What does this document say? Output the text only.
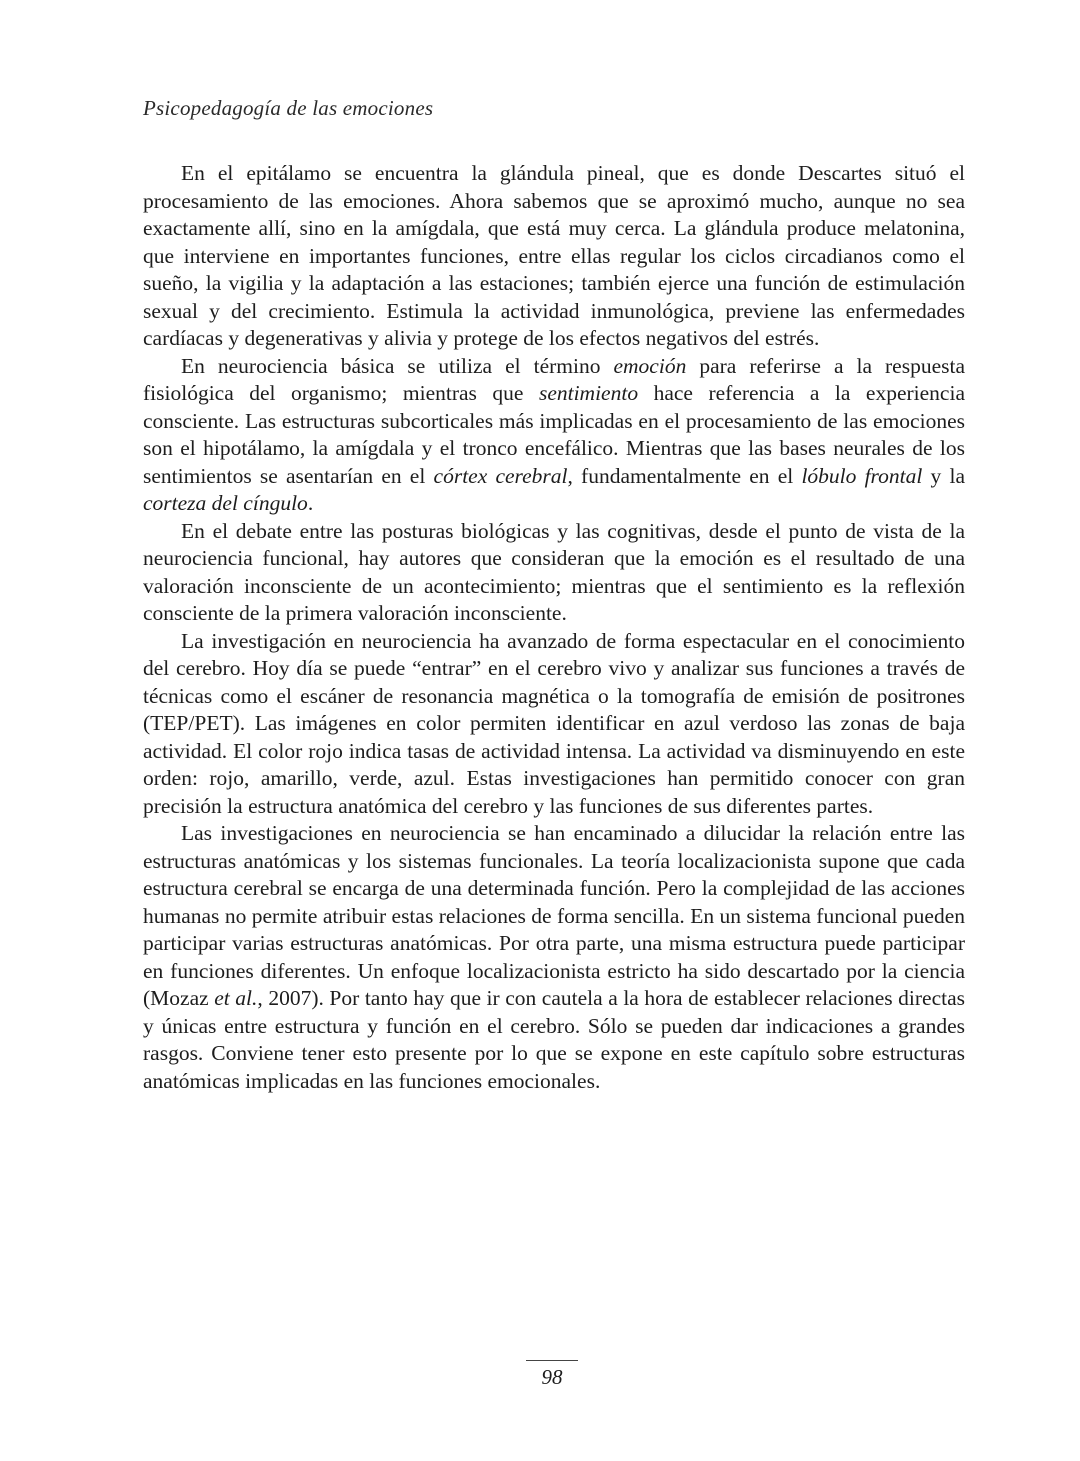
Psicopedagogía de las emociones

En el epitálamo se encuentra la glándula pineal, que es donde Descartes situó el procesamiento de las emociones. Ahora sabemos que se aproximó mucho, aunque no sea exactamente allí, sino en la amígdala, que está muy cerca. La glándula produce melatonina, que interviene en importantes funciones, entre ellas regular los ciclos circadianos como el sueño, la vigilia y la adaptación a las estaciones; también ejerce una función de estimulación sexual y del crecimiento. Estimula la actividad inmunológica, previene las enfermedades cardíacas y degenerativas y alivia y protege de los efectos negativos del estrés.

En neurociencia básica se utiliza el término emoción para referirse a la respuesta fisiológica del organismo; mientras que sentimiento hace referencia a la experiencia consciente. Las estructuras subcorticales más implicadas en el procesamiento de las emociones son el hipotálamo, la amígdala y el tronco encefálico. Mientras que las bases neurales de los sentimientos se asentarían en el córtex cerebral, fundamentalmente en el lóbulo frontal y la corteza del cíngulo.

En el debate entre las posturas biológicas y las cognitivas, desde el punto de vista de la neurociencia funcional, hay autores que consideran que la emoción es el resultado de una valoración inconsciente de un acontecimiento; mientras que el sentimiento es la reflexión consciente de la primera valoración inconsciente.

La investigación en neurociencia ha avanzado de forma espectacular en el conocimiento del cerebro. Hoy día se puede “entrar” en el cerebro vivo y analizar sus funciones a través de técnicas como el escáner de resonancia magnética o la tomografía de emisión de positrones (TEP/PET). Las imágenes en color permiten identificar en azul verdoso las zonas de baja actividad. El color rojo indica tasas de actividad intensa. La actividad va disminuyendo en este orden: rojo, amarillo, verde, azul. Estas investigaciones han permitido conocer con gran precisión la estructura anatómica del cerebro y las funciones de sus diferentes partes.

Las investigaciones en neurociencia se han encaminado a dilucidar la relación entre las estructuras anatómicas y los sistemas funcionales. La teoría localizacionista supone que cada estructura cerebral se encarga de una determinada función. Pero la complejidad de las acciones humanas no permite atribuir estas relaciones de forma sencilla. En un sistema funcional pueden participar varias estructuras anatómicas. Por otra parte, una misma estructura puede participar en funciones diferentes. Un enfoque localizacionista estricto ha sido descartado por la ciencia (Mozaz et al., 2007). Por tanto hay que ir con cautela a la hora de establecer relaciones directas y únicas entre estructura y función en el cerebro. Sólo se pueden dar indicaciones a grandes rasgos. Conviene tener esto presente por lo que se expone en este capítulo sobre estructuras anatómicas implicadas en las funciones emocionales.

98
